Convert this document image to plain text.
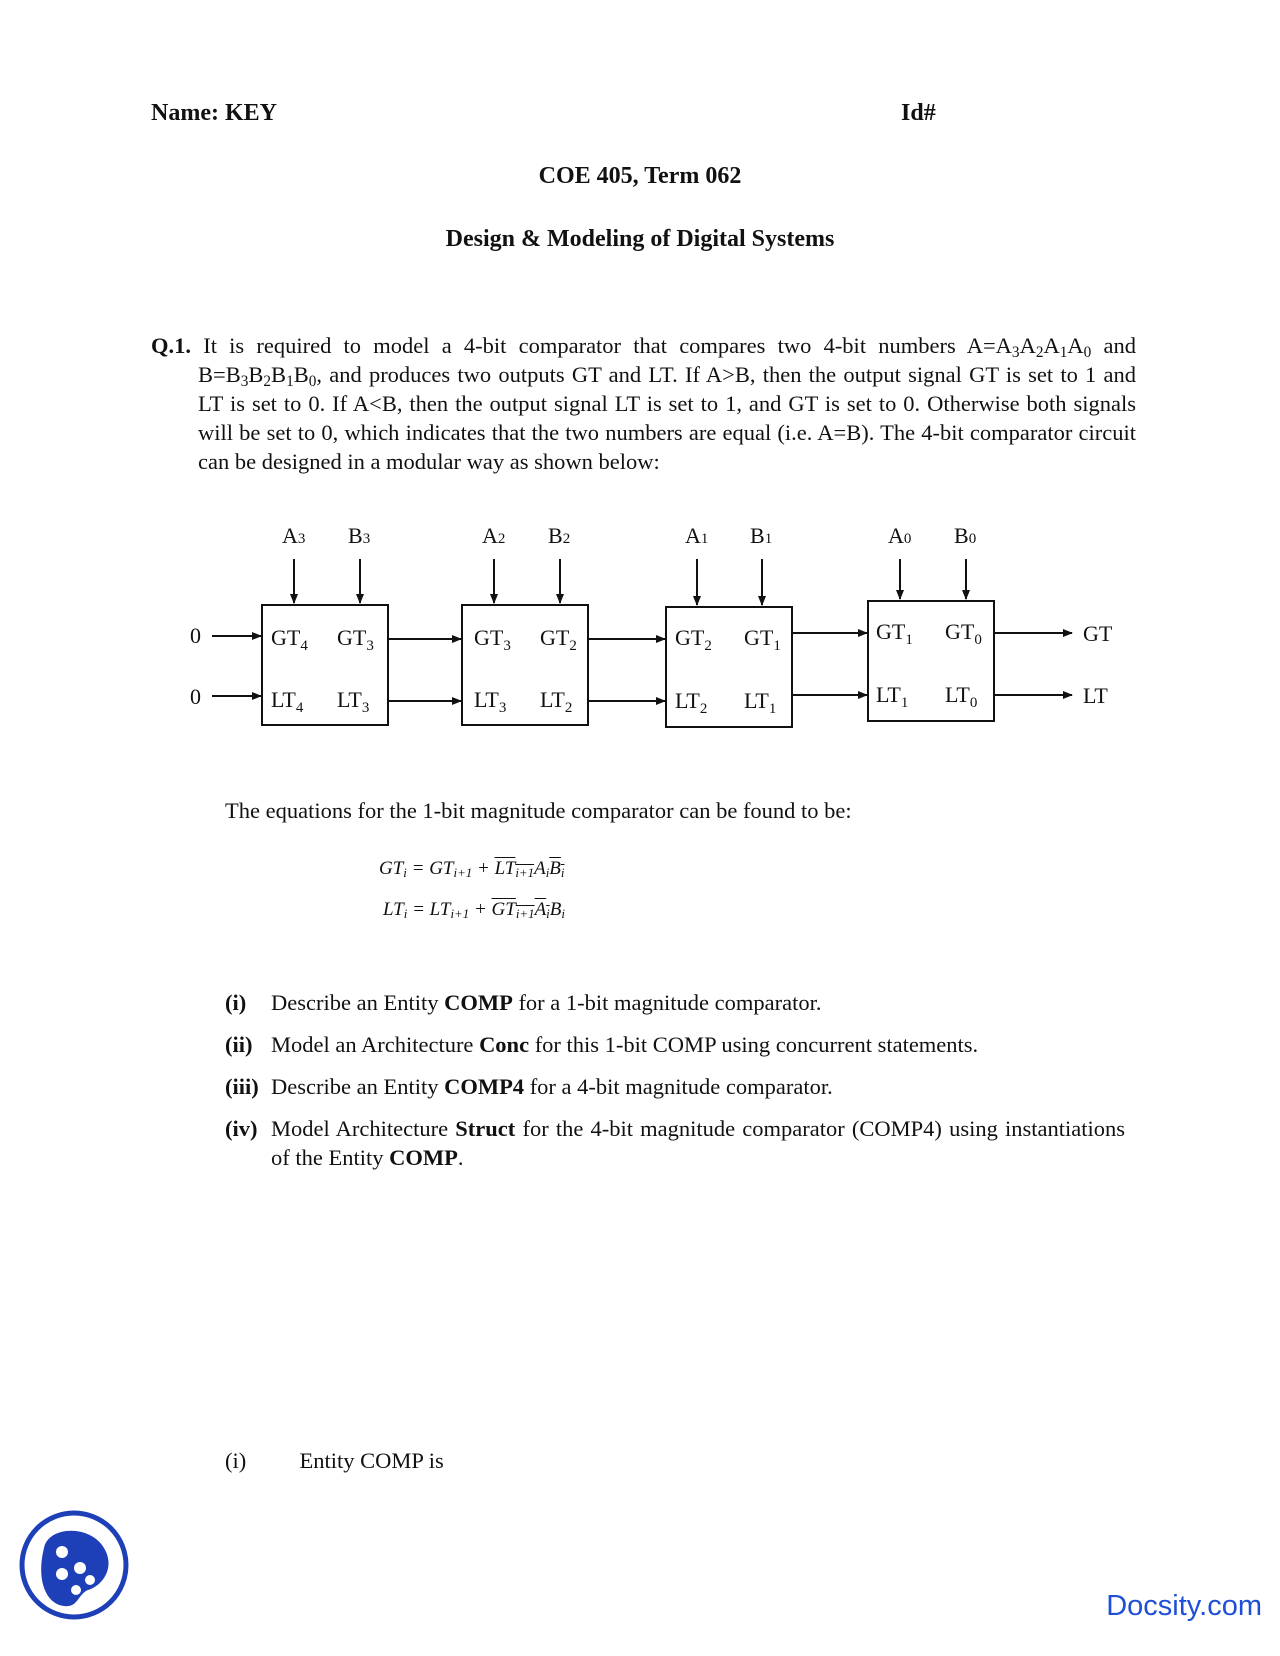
Name: KEY	Id#
COE 405, Term 062
Design & Modeling of Digital Systems
Q.1. It is required to model a 4-bit comparator that compares two 4-bit numbers $A=A_3A_2A_1A_0$ and $B=B_3B_2B_1B_0$, and produces two outputs GT and LT. If A>B, then the output signal GT is set to 1 and LT is set to 0. If A<B, then the output signal LT is set to 1, and GT is set to 0. Otherwise both signals will be set to 0, which indicates that the two numbers are equal (i.e. A=B). The 4-bit comparator circuit can be designed in a modular way as shown below:
0
0
GT
LT
A3 B3
$GT_4$ $GT_3$
$LT_4$ $LT_3$
A2 B2
$GT_3$ $GT_2$
$LT_3$ $LT_2$
A1 B1
$GT_2$ $GT_1$
$LT_2$ $LT_1$
A0 B0
$GT_1$ $GT_0$
$LT_1$ $LT_0$
The equations for the 1-bit magnitude comparator can be found to be:
$GT_i = GT_{i+1} + LT_{i+1}A_iB_i$
$LT_i = LT_{i+1} + GT_{i+1}A_iB_i$
(i)	Describe an Entity COMP for a 1-bit magnitude comparator.
(ii) Model an Architecture Conc for this 1-bit COMP using concurrent statements.
(iii) Describe an Entity COMP4 for a 4-bit magnitude comparator.
(iv) Model Architecture Struct for the 4-bit magnitude comparator (COMP4) using instantiations of the Entity COMP.
(i) Entity COMP is
Docsity.com
